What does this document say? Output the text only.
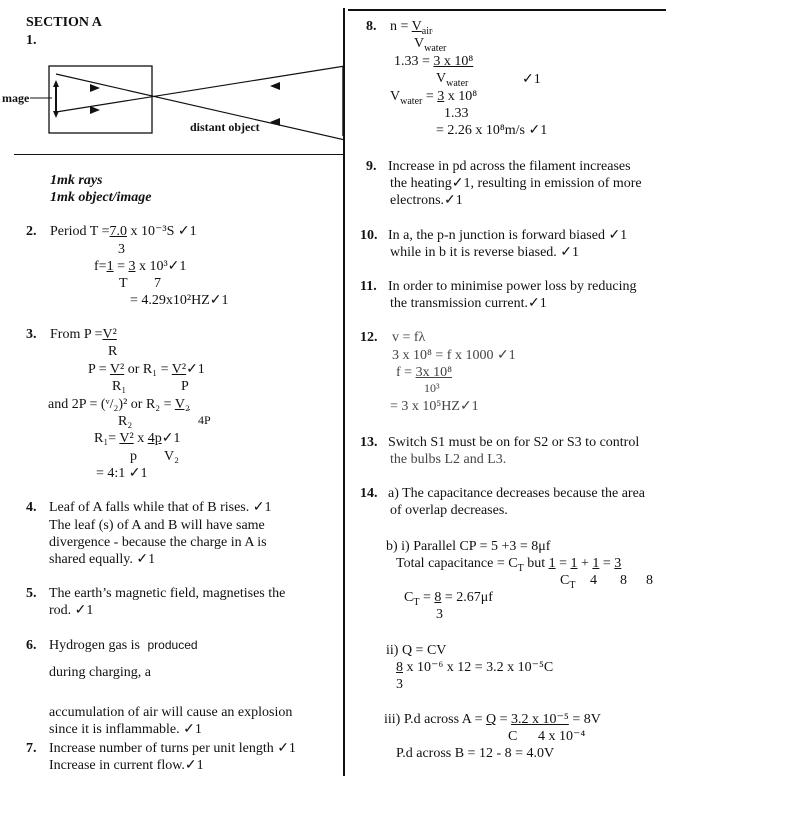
SECTION A
1.
mage
distant object
1mk rays
1mk object/image
2. Period T =7.0 x 10⁻³S ✓1
3
f=1 = 3 x 10³✓1
T 7
= 4.29x10²HZ✓1
3. From P =V²
R
P = V² or R₁ = V²✓1
R₁	P
and 2P = (ᵛ/₂)² or R₂ = V₂
R₂	4P
R₁= V² x 4p✓1
p V₂
= 4:1 ✓1
4. Leaf of A falls while that of B rises. ✓1
The leaf (s) of A and B will have same
divergence - because the charge in A is
shared equally. ✓1
5. The earth’s magnetic field, magnetises the
rod. ✓1
6. Hydrogen gas is produced
during charging, a
accumulation of air will cause an explosion
since it is inflammable. ✓1
7. Increase number of turns per unit length ✓1
Increase in current flow.✓1
8. $n = V_{air}$
$V_{water}$
1.33 = 3 x 10⁸
$V_{water}$	✓1
$V_{water} = 3$ x 10⁸
1.33
= 2.26 x 10⁸m/s ✓1
9. Increase in pd across the filament increases
the heating✓1, resulting in emission of more
electrons.✓1
10. In a, the p-n junction is forward biased ✓1
while in b it is reverse biased. ✓1
11. In order to minimise power loss by reducing
the transmission current.✓1
12. v = fλ
3 x 10⁸ = f x 1000 ✓1
f = 3x 10⁸
10³
= 3 x 10⁵HZ✓1
13. Switch S1 must be on for S2 or S3 to control
the bulbs L2 and L3.
14. a) The capacitance decreases because the area
of overlap decreases.
b) i) Parallel CP = 5 +3 = 8μf
Total capacitance = $C_T$ but 1 = 1 + 1 = 3
$C_T$ 4 8 8
$C_T = 8 = 2.67\mu f$
3
ii) Q = CV
8 x 10⁻⁶ x 12 = 3.2 x 10⁻⁵C
3
iii) P.d across A = Q = 3.2 x 10⁻⁵ = 8V
C 4 x 10⁻⁴
P.d across B = 12 - 8 = 4.0V
